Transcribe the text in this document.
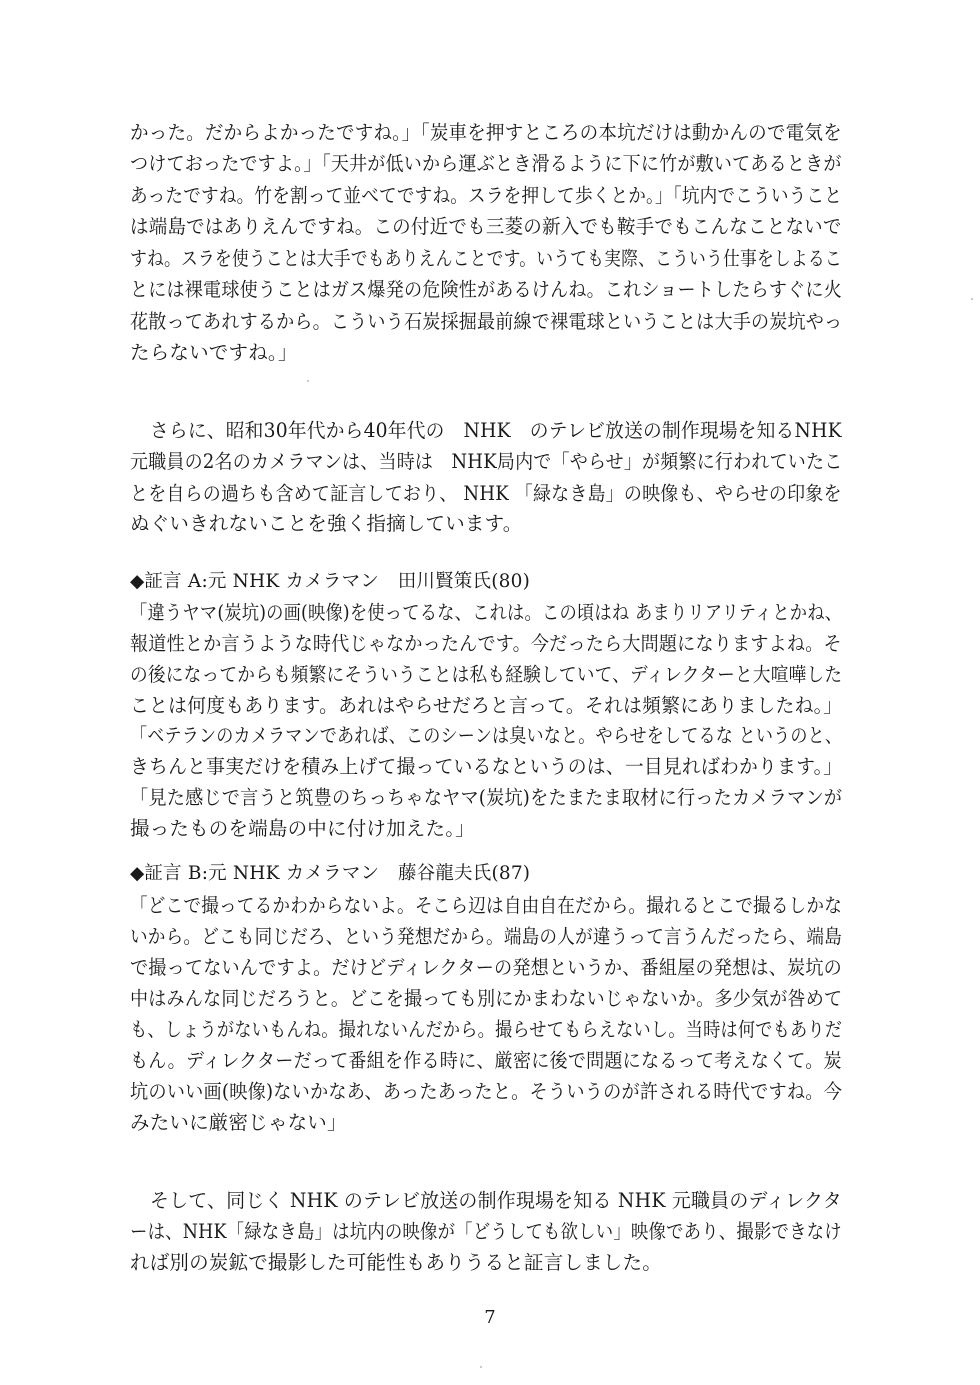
かった。だからよかったですね。」「炭車を押すところの本坑だけは動かんので電気を
つけておったですよ。」「天井が低いから運ぶとき滑るように下に竹が敷いてあるときが
あったですね。竹を割って並べてですね。スラを押して歩くとか。」「坑内でこういうこと
は端島ではありえんですね。この付近でも三菱の新入でも鞍手でもこんなことないで
すね。スラを使うことは大手でもありえんことです。いうても実際、こういう仕事をしよるこ
とには裸電球使うことはガス爆発の危険性があるけんね。これショートしたらすぐに火
花散ってあれするから。こういう石炭採掘最前線で裸電球ということは大手の炭坑やっ
たらないですね。」
さらに、昭和30年代から40年代の　NHK　のテレビ放送の制作現場を知るNHK
元職員の2名のカメラマンは、当時は　NHK局内で「やらせ」が頻繁に行われていたこ
とを自らの過ちも含めて証言しており、 NHK 「緑なき島」の映像も、やらせの印象を
ぬぐいきれないことを強く指摘しています。
◆証言 A:元 NHK カメラマン　田川賢策氏(80)
「違うヤマ(炭坑)の画(映像)を使ってるな、これは。この頃はね あまりリアリティとかね、
報道性とか言うような時代じゃなかったんです。今だったら大問題になりますよね。そ
の後になってからも頻繁にそういうことは私も経験していて、ディレクターと大喧嘩した
ことは何度もあります。あれはやらせだろと言って。それは頻繁にありましたね。」
「ベテランのカメラマンであれば、このシーンは臭いなと。やらせをしてるな というのと、
きちんと事実だけを積み上げて撮っているなというのは、一目見ればわかります。」
「見た感じで言うと筑豊のちっちゃなヤマ(炭坑)をたまたま取材に行ったカメラマンが
撮ったものを端島の中に付け加えた。」
◆証言 B:元 NHK カメラマン　藤谷龍夫氏(87)
「どこで撮ってるかわからないよ。そこら辺は自由自在だから。撮れるとこで撮るしかな
いから。どこも同じだろ、という発想だから。端島の人が違うって言うんだったら、端島
で撮ってないんですよ。だけどディレクターの発想というか、番組屋の発想は、炭坑の
中はみんな同じだろうと。どこを撮っても別にかまわないじゃないか。多少気が咎めて
も、しょうがないもんね。撮れないんだから。撮らせてもらえないし。当時は何でもありだ
もん。ディレクターだって番組を作る時に、厳密に後で問題になるって考えなくて。炭
坑のいい画(映像)ないかなあ、あったあったと。そういうのが許される時代ですね。今
みたいに厳密じゃない」
そして、同じく NHK のテレビ放送の制作現場を知る NHK 元職員のディレクタ
ーは、NHK「緑なき島」は坑内の映像が「どうしても欲しい」映像であり、撮影できなけ
れば別の炭鉱で撮影した可能性もありうると証言しました。
7
